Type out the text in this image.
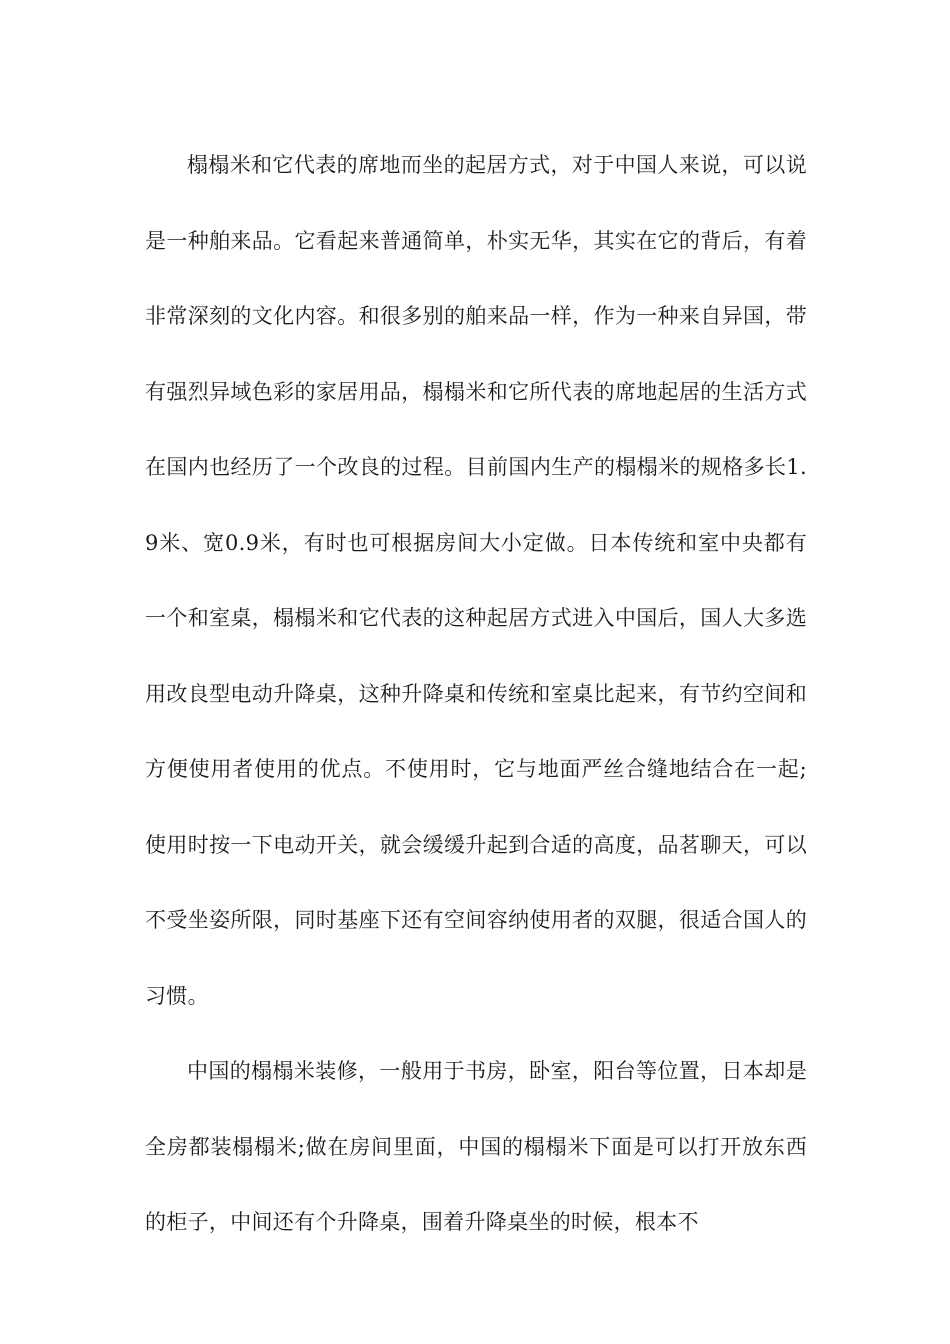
榻榻米和它代表的席地而坐的起居方式，对于中国人来说，可以说是一种舶来品。它看起来普通简单，朴实无华，其实在它的背后，有着非常深刻的文化内容。和很多别的舶来品一样，作为一种来自异国，带有强烈异域色彩的家居用品，榻榻米和它所代表的席地起居的生活方式在国内也经历了一个改良的过程。目前国内生产的榻榻米的规格多长1.9米、宽0.9米，有时也可根据房间大小定做。日本传统和室中央都有一个和室桌，榻榻米和它代表的这种起居方式进入中国后，国人大多选用改良型电动升降桌，这种升降桌和传统和室桌比起来，有节约空间和方便使用者使用的优点。不使用时，它与地面严丝合缝地结合在一起;使用时按一下电动开关，就会缓缓升起到合适的高度，品茗聊天，可以不受坐姿所限，同时基座下还有空间容纳使用者的双腿，很适合国人的习惯。

中国的榻榻米装修，一般用于书房，卧室，阳台等位置，日本却是全房都装榻榻米;做在房间里面，中国的榻榻米下面是可以打开放东西的柜子，中间还有个升降桌，围着升降桌坐的时候，根本不
